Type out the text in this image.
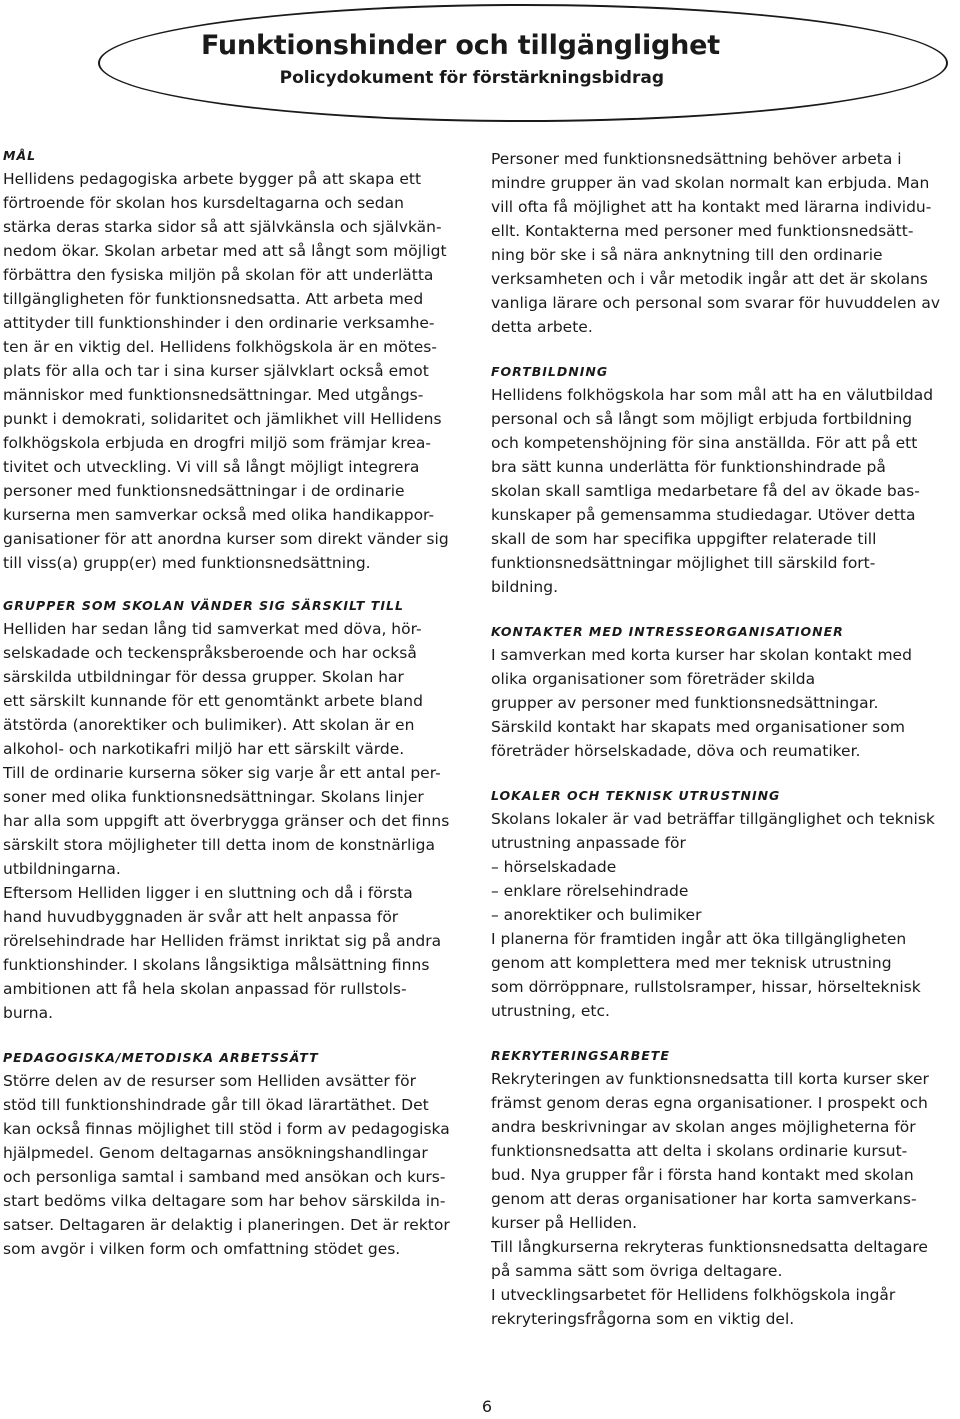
Funktionshinder och tillgänglighet
Policydokument för förstärkningsbidrag
MÅL
Hellidens pedagogiska arbete bygger på att skapa ett
förtroende för skolan hos kursdeltagarna och sedan
stärka deras starka sidor så att självkänsla och självkän-
nedom ökar. Skolan arbetar med att så långt som möjligt
förbättra den fysiska miljön på skolan för att underlätta
tillgängligheten för funktionsnedsatta. Att arbeta med
attityder till funktionshinder i den ordinarie verksamhe-
ten är en viktig del. Hellidens folkhögskola är en mötes-
plats för alla och tar i sina kurser självklart också emot
människor med funktionsnedsättningar. Med utgångs-
punkt i demokrati, solidaritet och jämlikhet vill Hellidens
folkhögskola erbjuda en drogfri miljö som främjar krea-
tivitet och utveckling. Vi vill så långt möjligt integrera
personer med funktionsnedsättningar i de ordinarie
kurserna men samverkar också med olika handikappor-
ganisationer för att anordna kurser som direkt vänder sig
till viss(a) grupp(er) med funktionsnedsättning.
GRUPPER SOM SKOLAN VÄNDER SIG SÄRSKILT TILL
Helliden har sedan lång tid samverkat med döva, hör-
selskadade och teckenspråksberoende och har också
särskilda utbildningar för dessa grupper. Skolan har
ett särskilt kunnande för ett genomtänkt arbete bland
ätstörda (anorektiker och bulimiker). Att skolan är en
alkohol- och narkotikafri miljö har ett särskilt värde.
Till de ordinarie kurserna söker sig varje år ett antal per-
soner med olika funktionsnedsättningar. Skolans linjer
har alla som uppgift att överbrygga gränser och det finns
särskilt stora möjligheter till detta inom de konstnärliga
utbildningarna.
Eftersom Helliden ligger i en sluttning och då i första
hand huvudbyggnaden är svår att helt anpassa för
rörelsehindrade har Helliden främst inriktat sig på andra
funktionshinder. I skolans långsiktiga målsättning finns
ambitionen att få hela skolan anpassad för rullstols-
burna.
PEDAGOGISKA/METODISKA ARBETSSÄTT
Större delen av de resurser som Helliden avsätter för
stöd till funktionshindrade går till ökad lärartäthet. Det
kan också finnas möjlighet till stöd i form av pedagogiska
hjälpmedel. Genom deltagarnas ansökningshandlingar
och personliga samtal i samband med ansökan och kurs-
start bedöms vilka deltagare som har behov särskilda in-
satser. Deltagaren är delaktig i planeringen. Det är rektor
som avgör i vilken form och omfattning stödet ges.
Personer med funktionsnedsättning behöver arbeta i
mindre grupper än vad skolan normalt kan erbjuda. Man
vill ofta få möjlighet att ha kontakt med lärarna individu-
ellt. Kontakterna med personer med funktionsnedsätt-
ning bör ske i så nära anknytning till den ordinarie
verksamheten och i vår metodik ingår att det är skolans
vanliga lärare och personal som svarar för huvuddelen av
detta arbete.
FORTBILDNING
Hellidens folkhögskola har som mål att ha en välutbildad
personal och så långt som möjligt erbjuda fortbildning
och kompetenshöjning för sina anställda. För att på ett
bra sätt kunna underlätta för funktionshindrade på
skolan skall samtliga medarbetare få del av ökade bas-
kunskaper på gemensamma studiedagar. Utöver detta
skall de som har specifika uppgifter relaterade till
funktionsnedsättningar möjlighet till särskild fort-
bildning.
KONTAKTER MED INTRESSEORGANISATIONER
I samverkan med korta kurser har skolan kontakt med
olika organisationer som företräder skilda
grupper av personer med funktionsnedsättningar.
Särskild kontakt har skapats med organisationer som
företräder hörselskadade, döva och reumatiker.
LOKALER OCH TEKNISK UTRUSTNING
Skolans lokaler är vad beträffar tillgänglighet och teknisk
utrustning anpassade för
– hörselskadade
– enklare rörelsehindrade
– anorektiker och bulimiker
I planerna för framtiden ingår att öka tillgängligheten
genom att komplettera med mer teknisk utrustning
som dörröppnare, rullstolsramper, hissar, hörselteknisk
utrustning, etc.
REKRYTERINGSARBETE
Rekryteringen av funktionsnedsatta till korta kurser sker
främst genom deras egna organisationer. I prospekt och
andra beskrivningar av skolan anges möjligheterna för
funktionsnedsatta att delta i skolans ordinarie kursut-
bud. Nya grupper får i första hand kontakt med skolan
genom att deras organisationer har korta samverkans-
kurser på Helliden.
Till långkurserna rekryteras funktionsnedsatta deltagare
på samma sätt som övriga deltagare.
I utvecklingsarbetet för Hellidens folkhögskola ingår
rekryteringsfrågorna som en viktig del.
6
